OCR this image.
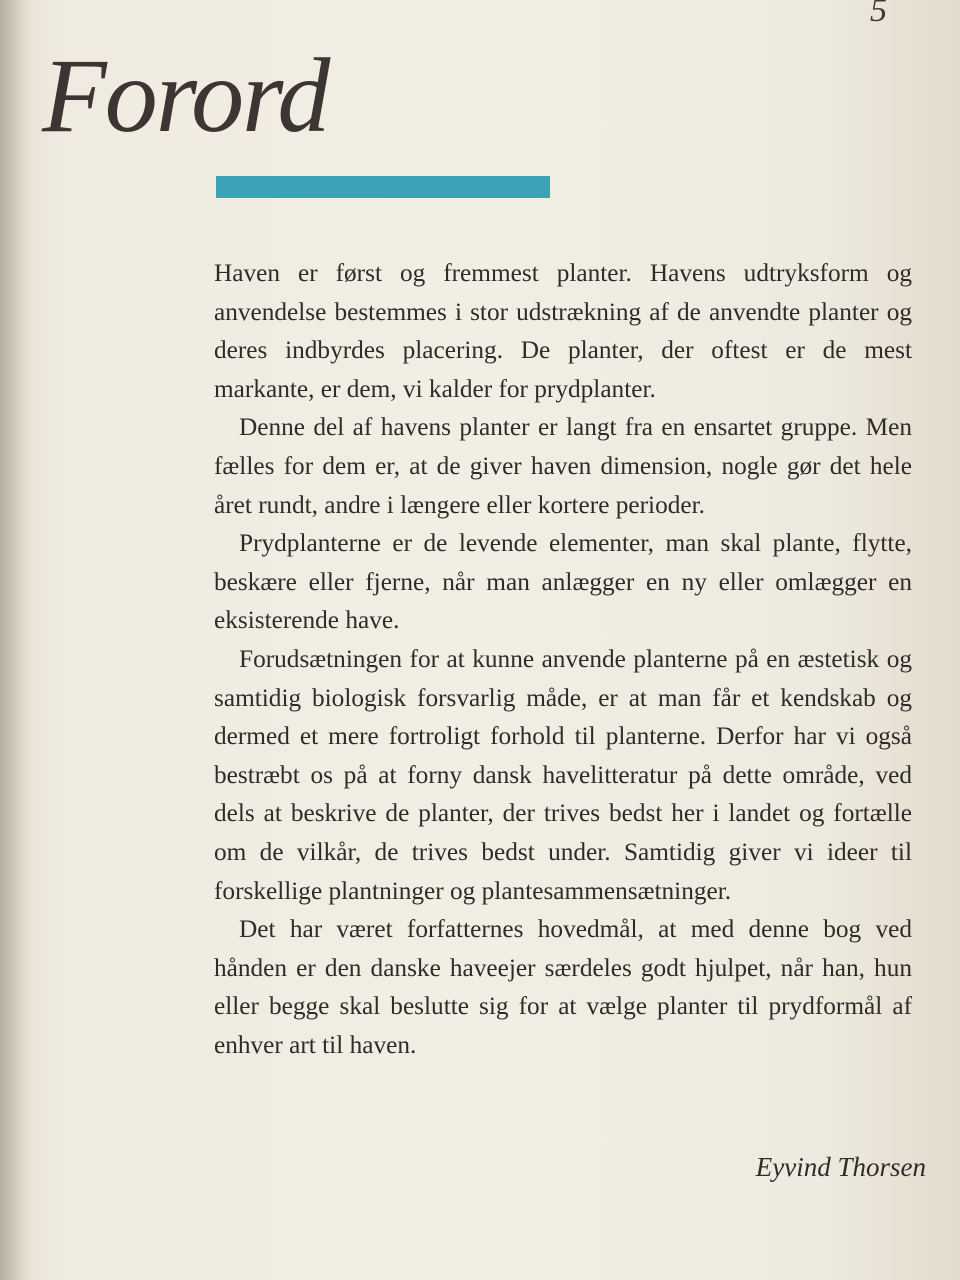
5
Forord

Haven er først og fremmest planter. Havens udtryksform og anvendelse bestemmes i stor udstrækning af de anvendte planter og deres indbyrdes placering. De planter, der oftest er de mest markante, er dem, vi kalder for prydplanter.

Denne del af havens planter er langt fra en ensartet gruppe. Men fælles for dem er, at de giver haven dimension, nogle gør det hele året rundt, andre i længere eller kortere perioder.

Prydplanterne er de levende elementer, man skal plante, flytte, beskære eller fjerne, når man anlægger en ny eller omlægger en eksisterende have.

Forudsætningen for at kunne anvende planterne på en æstetisk og samtidig biologisk forsvarlig måde, er at man får et kendskab og dermed et mere fortroligt forhold til planterne. Derfor har vi også bestræbt os på at forny dansk havelitteratur på dette område, ved dels at beskrive de planter, der trives bedst her i landet og fortælle om de vilkår, de trives bedst under. Samtidig giver vi ideer til forskellige plantninger og plantesammensætninger.

Det har været forfatternes hovedmål, at med denne bog ved hånden er den danske haveejer særdeles godt hjulpet, når han, hun eller begge skal beslutte sig for at vælge planter til prydformål af enhver art til haven.

Eyvind Thorsen
